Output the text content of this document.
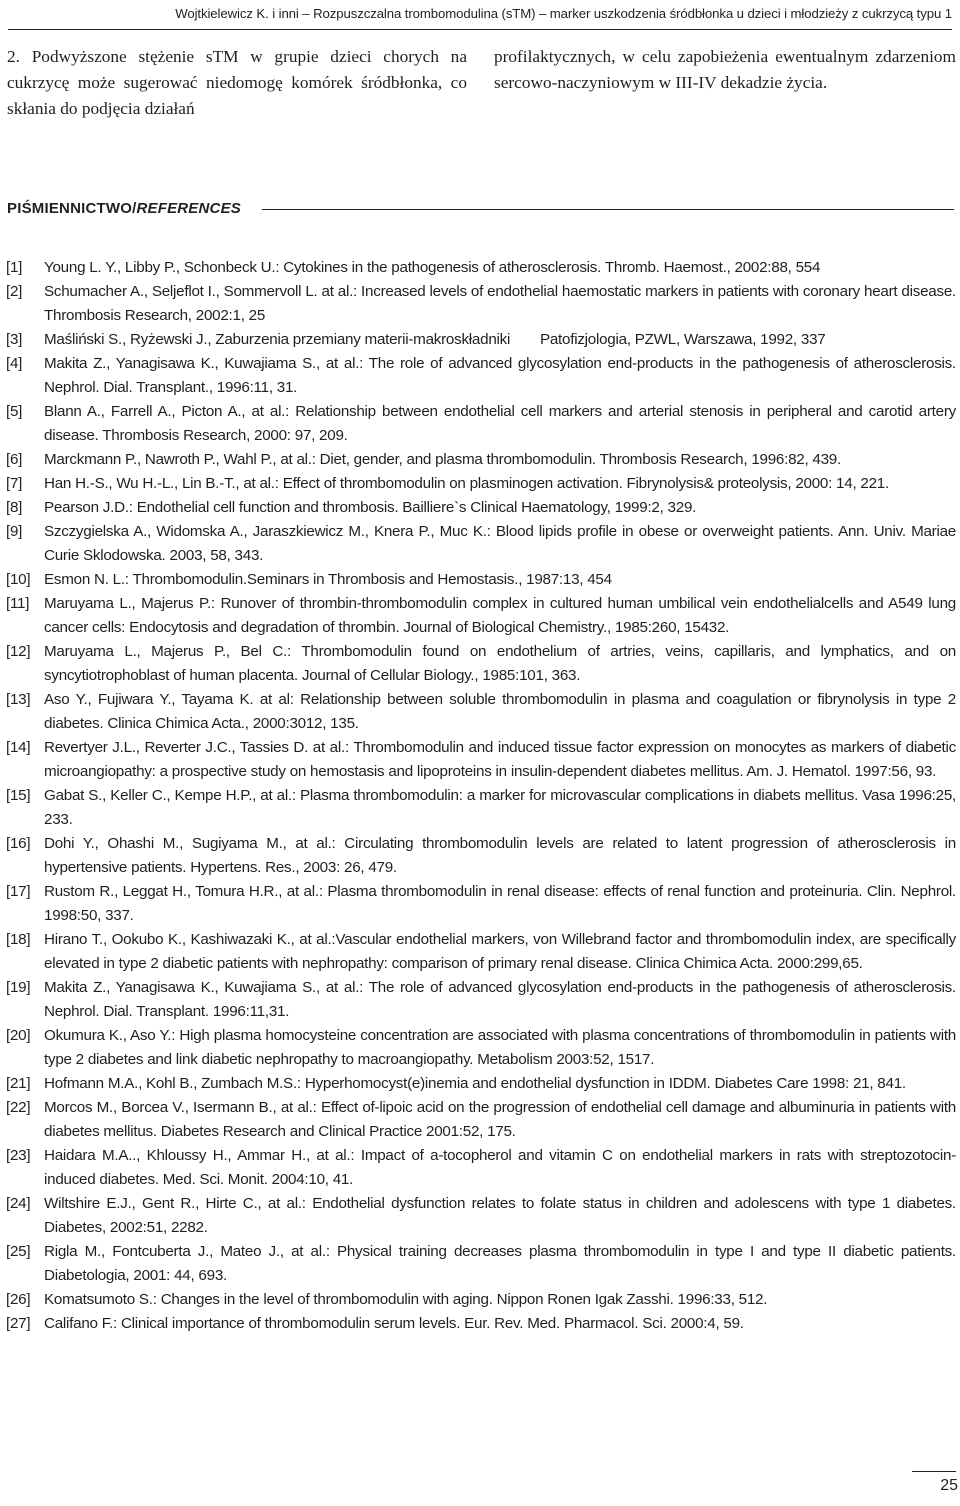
Wojtkielewicz K. i inni – Rozpuszczalna trombomodulina (sTM) – marker uszkodzenia śródbłonka u dzieci i młodzieży z cukrzycą typu 1

2. Podwyższone stężenie sTM w grupie dzieci chorych na cukrzycę może sugerować niedomogę komórek śródbłonka, co skłania do podjęcia działań

profilaktycznych, w celu zapobieżenia ewentualnym zdarzeniom sercowo-naczyniowym w III-IV dekadzie życia.

PIŚMIENNICTWO/REFERENCES
[1] Young L. Y., Libby P., Schonbeck U.: Cytokines in the pathogenesis of atherosclerosis. Thromb. Haemost., 2002:88, 554
[2] Schumacher A., Seljeflot I., Sommervoll L. at al.: Increased levels of endothelial haemostatic markers in patients with coronary heart disease. Thrombosis Research, 2002:1, 25
[3] Maśliński S., Ryżewski J., Zaburzenia przemiany materii-makroskładniki  Patofizjologia, PZWL, Warszawa, 1992, 337
[4] Makita Z., Yanagisawa K., Kuwajiama S., at al.: The role of advanced glycosylation end-products in the pathogenesis of atherosclerosis. Nephrol. Dial. Transplant., 1996:11, 31.
[5] Blann A., Farrell A., Picton A., at al.: Relationship between endothelial cell markers and arterial stenosis in peripheral and carotid artery disease. Thrombosis Research, 2000: 97, 209.
[6] Marckmann P., Nawroth P., Wahl P., at al.: Diet, gender, and plasma thrombomodulin. Thrombosis Research, 1996:82, 439.
[7] Han H.-S., Wu H.-L., Lin B.-T., at al.: Effect of thrombomodulin on plasminogen activation. Fibrynolysis& proteolysis, 2000: 14, 221.
[8] Pearson J.D.: Endothelial cell function and thrombosis. Bailliere`s Clinical Haematology, 1999:2, 329.
[9] Szczygielska A., Widomska A., Jaraszkiewicz M., Knera P., Muc K.: Blood lipids profile in obese or overweight patients. Ann. Univ. Mariae Curie Sklodowska. 2003, 58, 343.
[10] Esmon N. L.: Thrombomodulin.Seminars in Thrombosis and Hemostasis., 1987:13, 454
[11] Maruyama L., Majerus P.: Runover of thrombin-thrombomodulin complex in cultured human umbilical vein endothelialcells and A549 lung cancer cells: Endocytosis and degradation of thrombin. Journal of Biological Chemistry., 1985:260, 15432.
[12] Maruyama L., Majerus P., Bel C.: Thrombomodulin found on endothelium of artries, veins, capillaris, and lymphatics, and on syncytiotrophoblast of human placenta. Journal of Cellular Biology., 1985:101, 363.
[13] Aso Y., Fujiwara Y., Tayama K. at al: Relationship between soluble thrombomodulin in plasma and coagulation or fibrynolysis in type 2 diabetes. Clinica Chimica Acta., 2000:3012, 135.
[14] Revertyer J.L., Reverter J.C., Tassies D. at al.: Thrombomodulin and induced tissue factor expression on monocytes as markers of diabetic microangiopathy: a prospective study on hemostasis and lipoproteins in insulin-dependent diabetes mellitus. Am. J. Hematol. 1997:56, 93.
[15] Gabat S., Keller C., Kempe H.P., at al.: Plasma thrombomodulin: a marker for microvascular complications in diabets mellitus. Vasa 1996:25, 233.
[16] Dohi Y., Ohashi M., Sugiyama M., at al.: Circulating thrombomodulin levels are related to latent progression of atherosclerosis in hypertensive patients. Hypertens. Res., 2003: 26, 479.
[17] Rustom R., Leggat H., Tomura H.R., at al.: Plasma thrombomodulin in renal disease: effects of renal function and proteinuria. Clin. Nephrol. 1998:50, 337.
[18] Hirano T., Ookubo K., Kashiwazaki K., at al.:Vascular endothelial markers, von Willebrand factor and thrombomodulin index, are specifically elevated in type 2 diabetic patients with nephropathy: comparison of primary renal disease. Clinica Chimica Acta. 2000:299,65.
[19] Makita Z., Yanagisawa K., Kuwajiama S., at al.: The role of advanced glycosylation end-products in the pathogenesis of atherosclerosis. Nephrol. Dial. Transplant. 1996:11,31.
[20] Okumura K., Aso Y.: High plasma homocysteine concentration are associated with plasma concentrations of thrombomodulin in patients with type 2 diabetes and link diabetic nephropathy to macroangiopathy. Metabolism 2003:52, 1517.
[21] Hofmann M.A., Kohl B., Zumbach M.S.: Hyperhomocyst(e)inemia and endothelial dysfunction in IDDM. Diabetes Care 1998: 21, 841.
[22] Morcos M., Borcea V., Isermann B., at al.: Effect of-lipoic acid on the progression of endothelial cell damage and albuminuria in patients with diabetes mellitus. Diabetes Research and Clinical Practice 2001:52, 175.
[23] Haidara M.A.., Khloussy H., Ammar H., at al.: Impact of a-tocopherol and vitamin C on endothelial markers in rats with streptozotocin- induced diabetes. Med. Sci. Monit. 2004:10, 41.
[24] Wiltshire E.J., Gent R., Hirte C., at al.: Endothelial dysfunction relates to folate status in children and adolescens with type 1 diabetes. Diabetes, 2002:51, 2282.
[25] Rigla M., Fontcuberta J., Mateo J., at al.: Physical training decreases plasma thrombomodulin in type I and type II diabetic patients. Diabetologia, 2001: 44, 693.
[26] Komatsumoto S.: Changes in the level of thrombomodulin with aging. Nippon Ronen Igak Zasshi. 1996:33, 512.
[27] Califano F.: Clinical importance of thrombomodulin serum levels. Eur. Rev. Med. Pharmacol. Sci. 2000:4, 59.
25
